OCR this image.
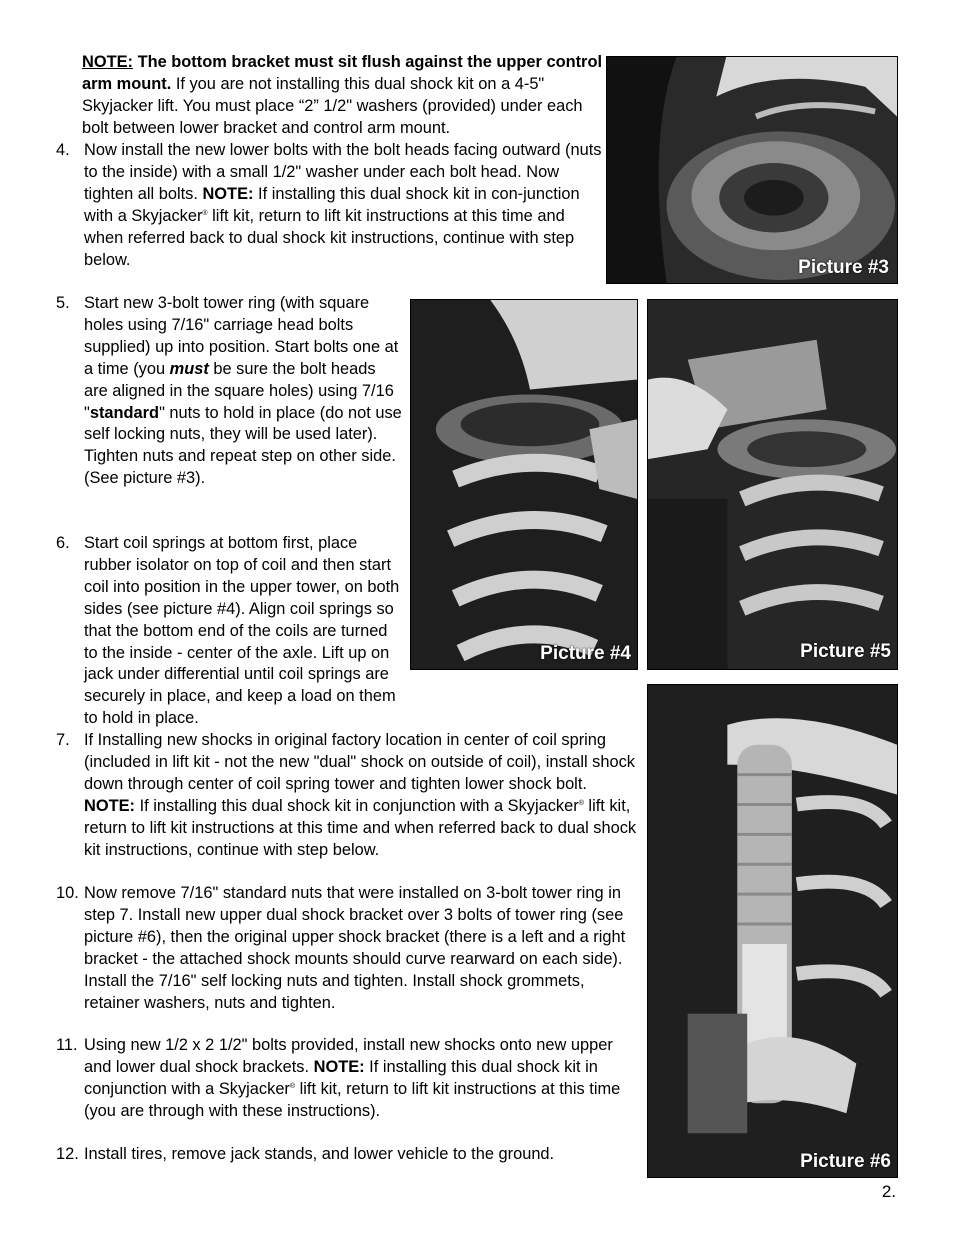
NOTE: The bottom bracket must sit flush against the upper control arm mount. If you are not installing this dual shock kit on a 4-5" Skyjacker lift. You must place “2” 1/2" washers (provided) under each bolt between lower bracket and control arm mount.
4. Now install the new lower bolts with the bolt heads facing outward (nuts to the inside) with a small 1/2" washer under each bolt head. Now tighten all bolts. NOTE: If installing this dual shock kit in con-junction with a Skyjacker® lift kit, return to lift kit instructions at this time and when referred back to dual shock kit instructions, continue with step below.
5. Start new 3-bolt tower ring (with square holes using 7/16" carriage head bolts supplied) up into position. Start bolts one at a time (you must be sure the bolt heads are aligned in the square holes) using 7/16 "standard" nuts to hold in place (do not use self locking nuts, they will be used later). Tighten nuts and repeat step on other side. (See picture #3).
6. Start coil springs at bottom first, place rubber isolator on top of coil and then start coil into position in the upper tower, on both sides (see picture #4). Align coil springs so that the bottom end of the coils are turned to the inside - center of the axle. Lift up on jack under differential until coil springs are securely in place, and keep a load on them to hold in place.
7. If Installing new shocks in original factory location in center of coil spring (included in lift kit - not the new "dual" shock on outside of coil), install shock down through center of coil spring tower and tighten lower shock bolt. NOTE: If installing this dual shock kit in conjunction with a Skyjacker® lift kit, return to lift kit instructions at this time and when referred back to dual shock kit instructions, continue with step below.
10. Now remove 7/16" standard nuts that were installed on 3-bolt tower ring in step 7. Install new upper dual shock bracket over 3 bolts of tower ring (see picture #6), then the original upper shock bracket (there is a left and a right bracket - the attached shock mounts should curve rearward on each side). Install the 7/16" self locking nuts and tighten. Install shock grommets, retainer washers, nuts and tighten.
11. Using new 1/2 x 2 1/2" bolts provided, install new shocks onto new upper and lower dual shock brackets. NOTE: If installing this dual shock kit in conjunction with a Skyjacker® lift kit, return to lift kit instructions at this time (you are through with these instructions).
12. Install tires, remove jack stands, and lower vehicle to the ground.
Picture #3
Picture #4	Picture #5
Picture #6
2.
